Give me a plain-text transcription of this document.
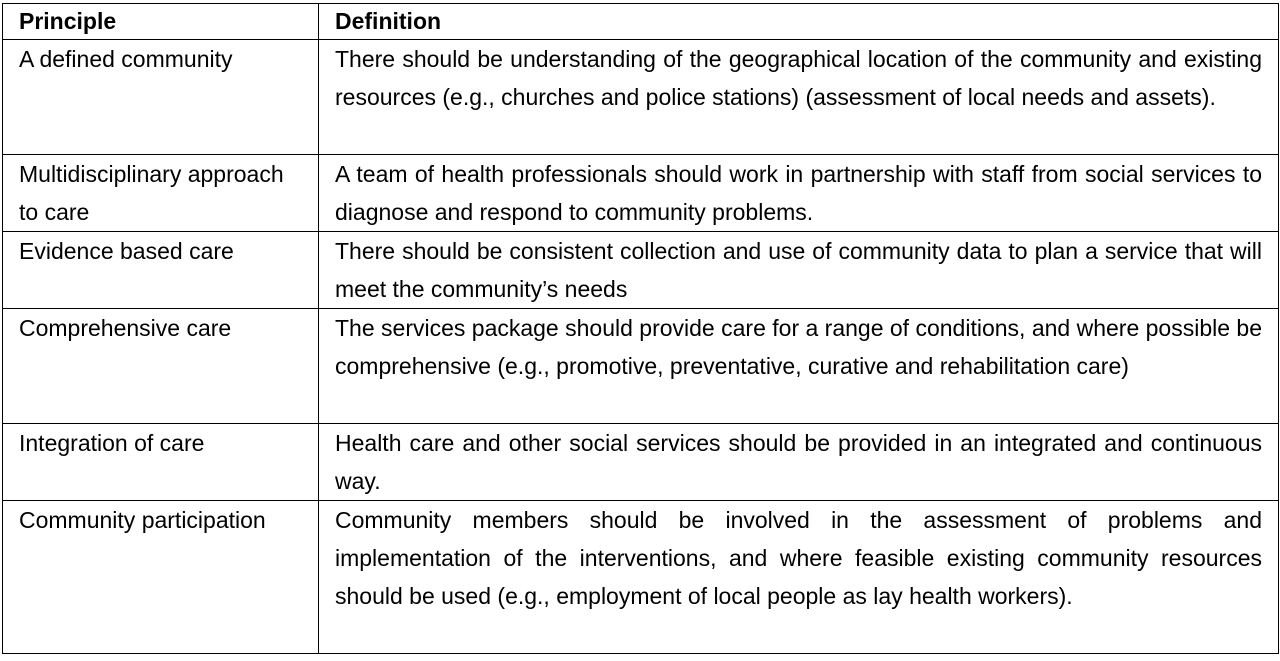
Principle	Definition
A defined community	There should be understanding of the geographical location of the community and existing resources (e.g., churches and police stations) (assessment of local needs and assets).
Multidisciplinary approach to care	A team of health professionals should work in partnership with staff from social services to diagnose and respond to community problems.
Evidence based care	There should be consistent collection and use of community data to plan a service that will meet the community’s needs
Comprehensive care	The services package should provide care for a range of conditions, and where possible be comprehensive (e.g., promotive, preventative, curative and rehabilitation care)
Integration of care	Health care and other social services should be provided in an integrated and continuous way.
Community participation	Community members should be involved in the assessment of problems and implementation of the interventions, and where feasible existing community resources should be used (e.g., employment of local people as lay health workers).
